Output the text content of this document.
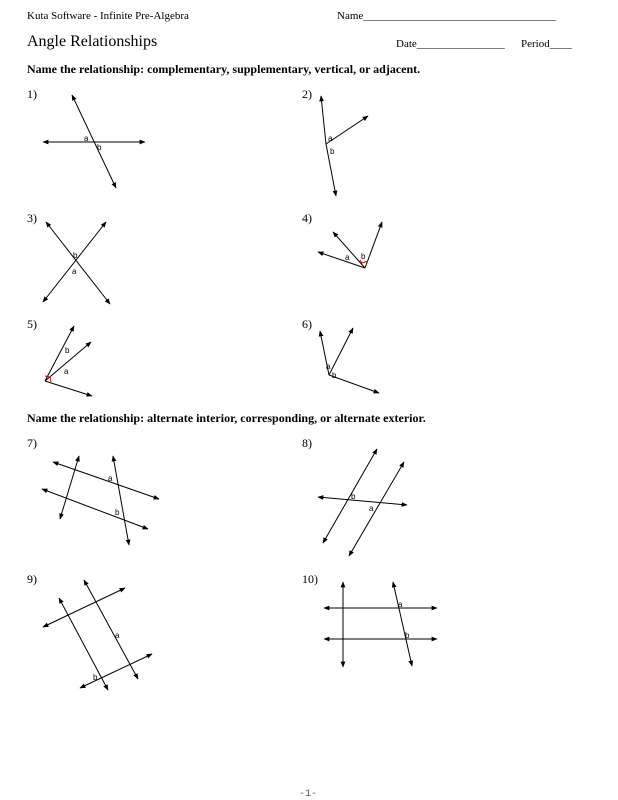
Kuta Software - Infinite Pre-Algebra	Name___________________________________
Angle Relationships	Date________________ Period____
Name the relationship: complementary, supplementary, vertical, or adjacent.
Name the relationship: alternate interior, corresponding, or alternate exterior.
1)	2)
3)	4)
5)	6)
7)	8)
9)	10)
a
b
a
b
b
a
a b
b
a
a
b
a
b
b
a
a
b
a
b
-1-
